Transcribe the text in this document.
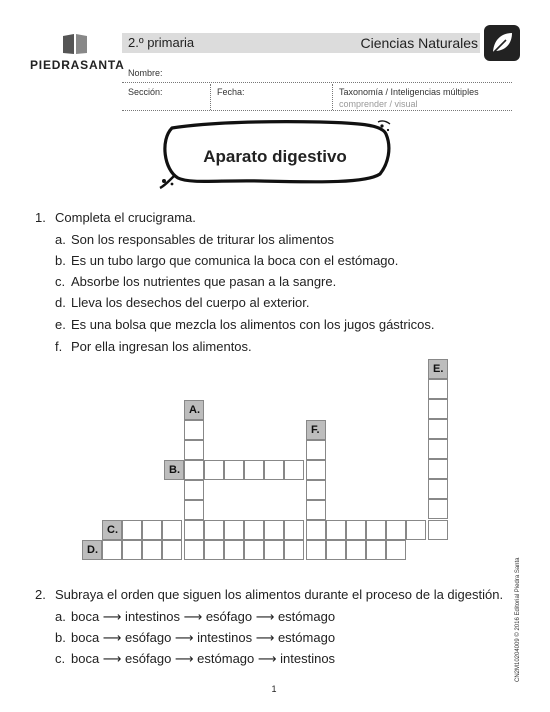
PIEDRASANTA
2.º primaria	Ciencias Naturales
Nombre:
Sección:	Fecha:	Taxonomía / Inteligencias múltiples
comprender / visual
Aparato digestivo
1. Completa el crucigrama.
a. Son los responsables de triturar los alimentos
b. Es un tubo largo que comunica la boca con el estómago.
c. Absorbe los nutrientes que pasan a la sangre.
d. Lleva los desechos del cuerpo al exterior.
e. Es una bolsa que mezcla los alimentos con los jugos gástricos.
f. Por ella ingresan los alimentos.
A.
F.
E.
B.
C.
D.
2. Subraya el orden que siguen los alimentos durante el proceso de la digestión.
a. boca ⟶ intestinos ⟶ esófago ⟶ estómago
b. boca ⟶ esófago ⟶ intestinos ⟶ estómago
c. boca ⟶ esófago ⟶ estómago ⟶ intestinos	CN2M10204009 © 2016 Editorial Piedra Santa
1
